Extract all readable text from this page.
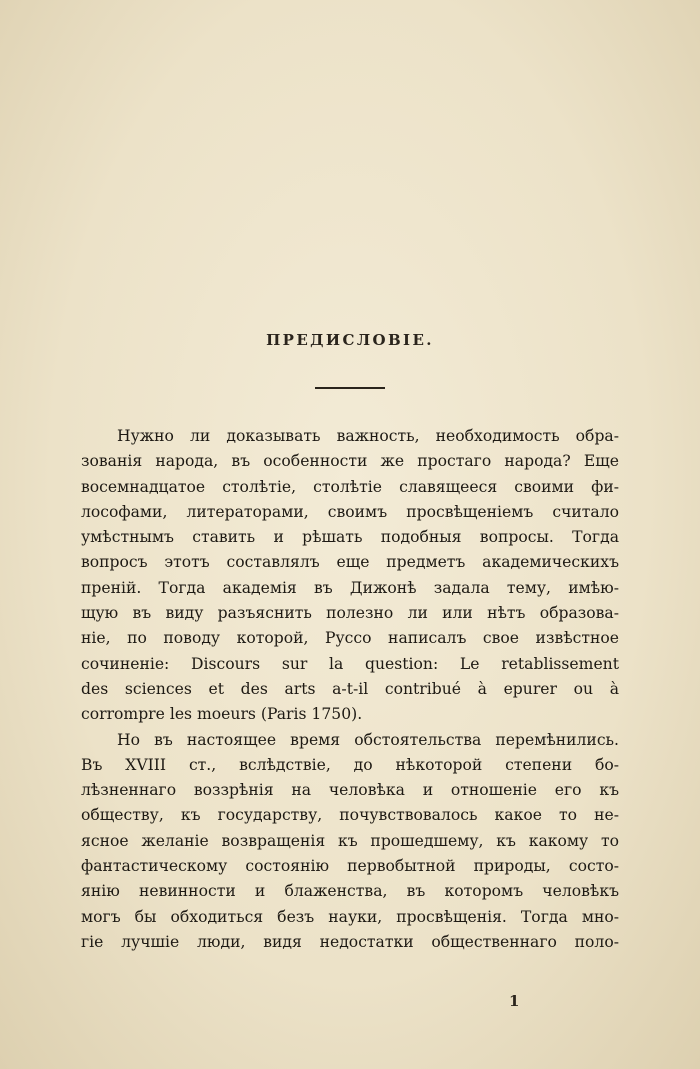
ПРЕДИСЛОВІЕ.
Нужно ли доказывать важность, необходимость обра-
зованія народа, въ особенности же простаго народа? Еще
восемнадцатое столѣтіе, столѣтіе славящееся своими фи-
лософами, литераторами, своимъ просвѣщеніемъ считало
умѣстнымъ ставить и рѣшать подобныя вопросы. Тогда
вопросъ этотъ составлялъ еще предметъ академическихъ
преній. Тогда академія въ Дижонѣ задала тему, имѣю-
щую въ виду разъяснить полезно ли или нѣтъ образова-
ніе, по поводу которой, Руссо написалъ свое извѣстное
сочиненіе: Discours sur la question: Le retablissement
des sciences et des arts a-t-il contribué à epurer ou à
corrompre les moeurs (Paris 1750).
Но въ настоящее время обстоятельства перемѣнились.
Въ XVIII ст., вслѣдствіе, до нѣкоторой степени бо-
лѣзненнаго воззрѣнія на человѣка и отношеніе его къ
обществу, къ государству, почувствовалось какое то не-
ясное желаніе возвращенія къ прошедшему, къ какому то
фантастическому состоянію первобытной природы, состо-
янію невинности и блаженства, въ которомъ человѣкъ
могъ бы обходиться безъ науки, просвѣщенія. Тогда мно-
гіе лучшіе люди, видя недостатки общественнаго поло-
1
